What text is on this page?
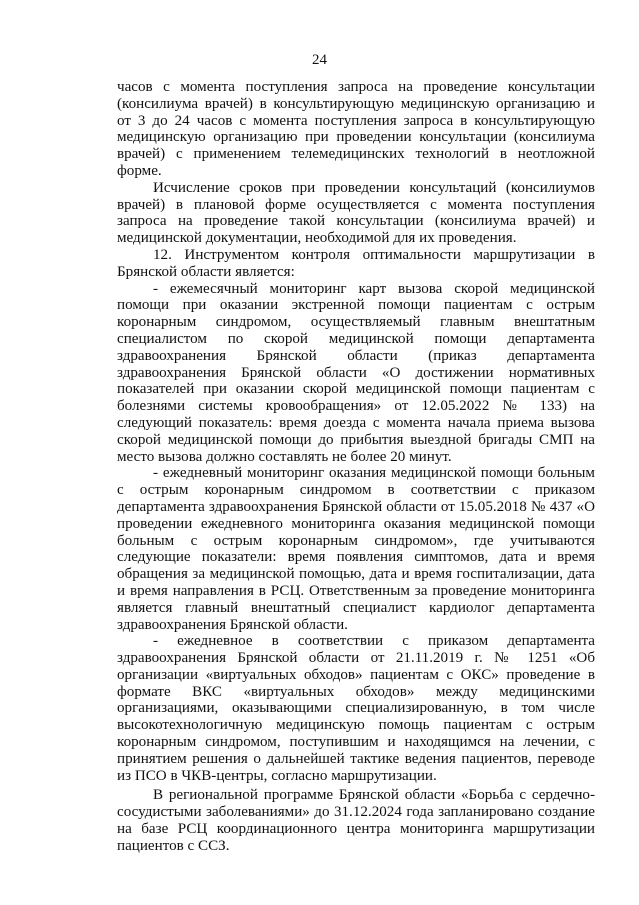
24

часов с момента поступления запроса на проведение консультации (консилиума врачей) в консультирующую медицинскую организацию и от 3 до 24 часов с момента поступления запроса в консультирующую медицинскую организацию при проведении консультации (консилиума врачей) с применением телемедицинских технологий в неотложной форме.

Исчисление сроков при проведении консультаций (консилиумов врачей) в плановой форме осуществляется с момента поступления запроса на проведение такой консультации (консилиума врачей) и медицинской документации, необходимой для их проведения.

12. Инструментом контроля оптимальности маршрутизации в Брянской области является:

- ежемесячный мониторинг карт вызова скорой медицинской помощи при оказании экстренной помощи пациентам с острым коронарным синдромом, осуществляемый главным внештатным специалистом по скорой медицинской помощи департамента здравоохранения Брянской области (приказ департамента здравоохранения Брянской области «О достижении нормативных показателей при оказании скорой медицинской помощи пациентам с болезнями системы кровообращения» от 12.05.2022 № 133) на следующий показатель: время доезда с момента начала приема вызова скорой медицинской помощи до прибытия выездной бригады СМП на место вызова должно составлять не более 20 минут.

- ежедневный мониторинг оказания медицинской помощи больным с острым коронарным синдромом в соответствии с приказом департамента здравоохранения Брянской области от 15.05.2018 № 437 «О проведении ежедневного мониторинга оказания медицинской помощи больным с острым коронарным синдромом», где учитываются следующие показатели: время появления симптомов, дата и время обращения за медицинской помощью, дата и время госпитализации, дата и время направления в РСЦ. Ответственным за проведение мониторинга является главный внештатный специалист кардиолог департамента здравоохранения Брянской области.

- ежедневное в соответствии с приказом департамента здравоохранения Брянской области от 21.11.2019 г. № 1251 «Об организации «виртуальных обходов» пациентам с ОКС» проведение в формате ВКС «виртуальных обходов» между медицинскими организациями, оказывающими специализированную, в том числе высокотехнологичную медицинскую помощь пациентам с острым коронарным синдромом, поступившим и находящимся на лечении, с принятием решения о дальнейшей тактике ведения пациентов, переводе из ПСО в ЧКВ-центры, согласно маршрутизации.

В региональной программе Брянской области «Борьба с сердечно-сосудистыми заболеваниями» до 31.12.2024 года запланировано создание на базе РСЦ координационного центра мониторинга маршрутизации пациентов с ССЗ.
